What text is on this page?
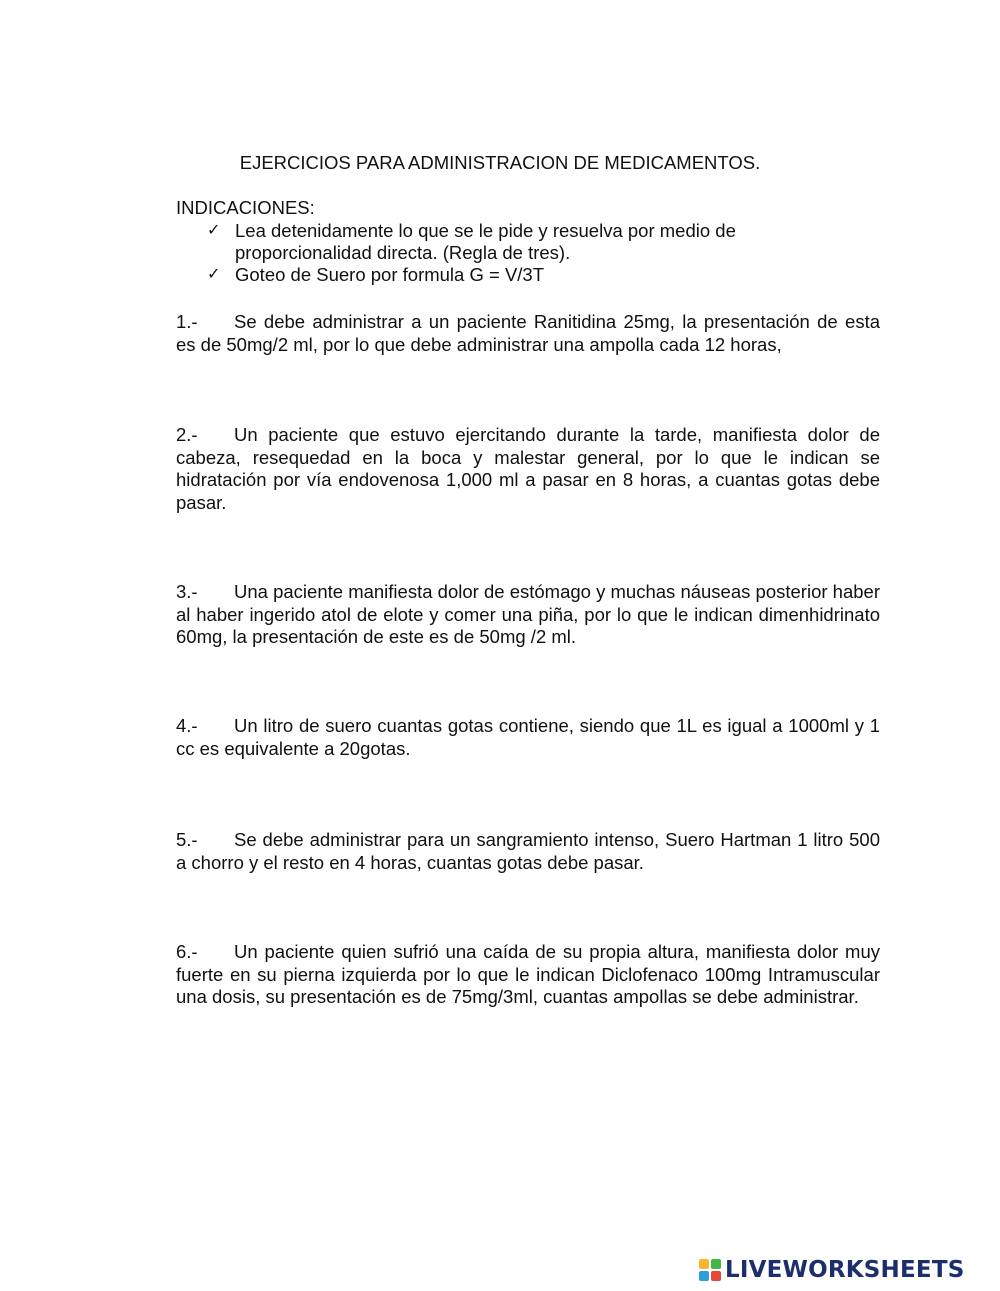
EJERCICIOS PARA ADMINISTRACION DE MEDICAMENTOS.
INDICACIONES:
✓ Lea detenidamente lo que se le pide y resuelva por medio de proporcionalidad directa. (Regla de tres).
✓ Goteo de Suero por formula G = V/3T
1.- Se debe administrar a un paciente Ranitidina 25mg, la presentación de esta es de 50mg/2 ml, por lo que debe administrar una ampolla cada 12 horas,
2.- Un paciente que estuvo ejercitando durante la tarde, manifiesta dolor de cabeza, resequedad en la boca y malestar general, por lo que le indican se hidratación por vía endovenosa 1,000 ml a pasar en 8 horas, a cuantas gotas debe pasar.
3.- Una paciente manifiesta dolor de estómago y muchas náuseas posterior haber al haber ingerido atol de elote y comer una piña, por lo que le indican dimenhidrinato 60mg, la presentación de este es de 50mg /2 ml.
4.- Un litro de suero cuantas gotas contiene, siendo que 1L es igual a 1000ml y 1 cc es equivalente a 20gotas.
5.- Se debe administrar para un sangramiento intenso, Suero Hartman 1 litro 500 a chorro y el resto en 4 horas, cuantas gotas debe pasar.
6.- Un paciente quien sufrió una caída de su propia altura, manifiesta dolor muy fuerte en su pierna izquierda por lo que le indican Diclofenaco 100mg Intramuscular una dosis, su presentación es de 75mg/3ml, cuantas ampollas se debe administrar.
LIVEWORKSHEETS
